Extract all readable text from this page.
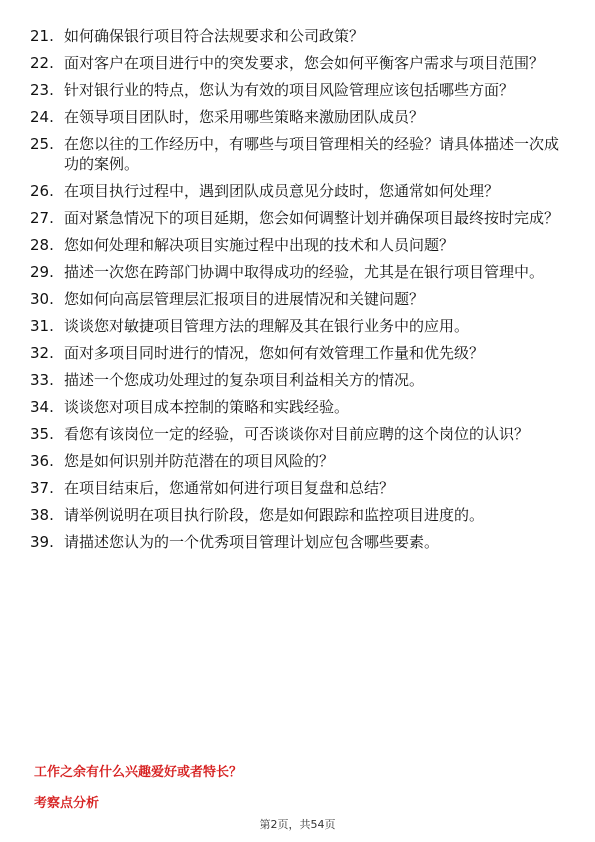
21. 如何确保银行项目符合法规要求和公司政策？
22. 面对客户在项目进行中的突发要求，您会如何平衡客户需求与项目范围？
23. 针对银行业的特点，您认为有效的项目风险管理应该包括哪些方面？
24. 在领导项目团队时，您采用哪些策略来激励团队成员？
25. 在您以往的工作经历中，有哪些与项目管理相关的经验？请具体描述一次成功的案例。
26. 在项目执行过程中，遇到团队成员意见分歧时，您通常如何处理？
27. 面对紧急情况下的项目延期，您会如何调整计划并确保项目最终按时完成？
28. 您如何处理和解决项目实施过程中出现的技术和人员问题？
29. 描述一次您在跨部门协调中取得成功的经验，尤其是在银行项目管理中。
30. 您如何向高层管理层汇报项目的进展情况和关键问题？
31. 谈谈您对敏捷项目管理方法的理解及其在银行业务中的应用。
32. 面对多项目同时进行的情况，您如何有效管理工作量和优先级？
33. 描述一个您成功处理过的复杂项目利益相关方的情况。
34. 谈谈您对项目成本控制的策略和实践经验。
35. 看您有该岗位一定的经验，可否谈谈你对目前应聘的这个岗位的认识？
36. 您是如何识别并防范潜在的项目风险的？
37. 在项目结束后，您通常如何进行项目复盘和总结？
38. 请举例说明在项目执行阶段，您是如何跟踪和监控项目进度的。
39. 请描述您认为的一个优秀项目管理计划应包含哪些要素。
工作之余有什么兴趣爱好或者特长？
考察点分析
第2页，共54页
